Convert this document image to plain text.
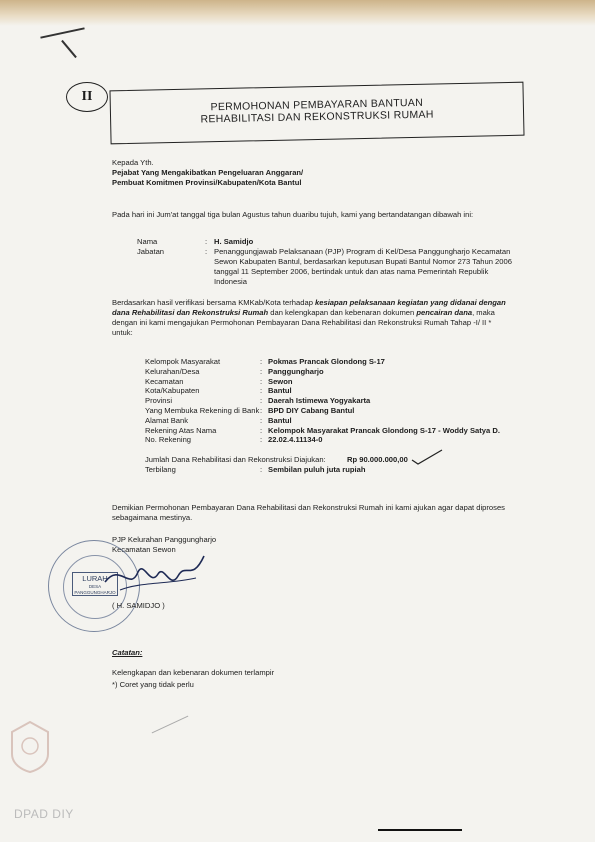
II
PERMOHONAN PEMBAYARAN BANTUAN
REHABILITASI DAN REKONSTRUKSI RUMAH
Kepada Yth.
Pejabat Yang Mengakibatkan Pengeluaran Anggaran/
Pembuat Komitmen Provinsi/Kabupaten/Kota Bantul
Pada hari ini Jum'at tanggal tiga bulan Agustus tahun duaribu tujuh, kami yang bertandatangan dibawah ini:
Nama	: H. Samidjo
Jabatan	: Penanggungjawab Pelaksanaan (PJP) Program di Kel/Desa Panggungharjo Kecamatan
Sewon Kabupaten Bantul, berdasarkan keputusan Bupati Bantul Nomor 273 Tahun 2006
tanggal 11 September 2006, bertindak untuk dan atas nama Pemerintah Republik
Indonesia
Berdasarkan hasil verifikasi bersama KMKab/Kota terhadap kesiapan pelaksanaan kegiatan yang didanai dengan
dana Rehabilitasi dan Rekonstruksi Rumah dan kelengkapan dan kebenaran dokumen pencairan dana, maka
dengan ini kami mengajukan Permohonan Pembayaran Dana Rehabilitasi dan Rekonstruksi Rumah Tahap -I/ II *
untuk:
Kelompok Masyarakat	: Pokmas Prancak Glondong S-17
Kelurahan/Desa	: Panggungharjo
Kecamatan	: Sewon
Kota/Kabupaten	: Bantul
Provinsi	: Daerah Istimewa Yogyakarta
Yang Membuka Rekening di Bank : BPD DIY Cabang Bantul
Alamat Bank	: Bantul
Rekening Atas Nama	: Kelompok Masyarakat Prancak Glondong S-17 - Woddy Satya D.
No. Rekening	: 22.02.4.11134-0
Jumlah Dana Rehabilitasi dan Rekonstruksi Diajukan:	Rp 90.000.000,00
Terbilang	: Sembilan puluh juta rupiah
Demikian Permohonan Pembayaran Dana Rehabilitasi dan Rekonstruksi Rumah ini kami ajukan agar dapat diproses
sebagaimana mestinya.
PJP Kelurahan Panggungharjo
Kecamatan Sewon
LURAH
DESA PANGGUNGHARJO
( H. SAMIDJO )
Catatan:
Kelengkapan dan kebenaran dokumen terlampir
*) Coret yang tidak perlu
DPAD DIY
